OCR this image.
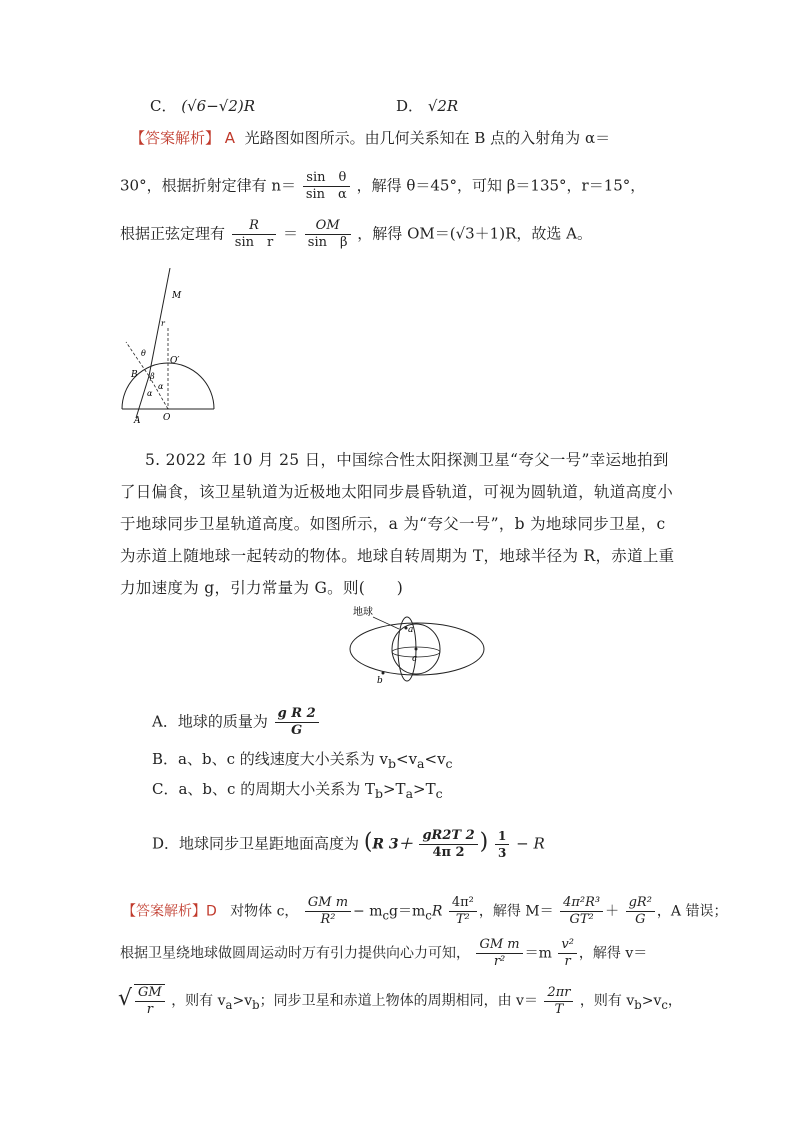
C． (√6−√2)R	D． √2R
【答案解析】 A 光路图如图所示。由几何关系知在 B 点的入射角为 α＝
30°，根据折射定律有 $n= \frac{\text{sin　θ}}{\text{sin　α}}$ ，解得 θ＝45°，可知 β＝135°，r＝15°，
根据正弦定理有 $\frac{R}{\text{sin　r}} = \frac{OM}{\text{sin　β}}$ ，解得 OM＝(√3＋1)R，故选 A。
M
r
O′
θ
B β
α
α
A	O
5. 2022 年 10 月 25 日，中国综合性太阳探测卫星“夸父一号”幸运地拍到
了日偏食，该卫星轨道为近极地太阳同步晨昏轨道，可视为圆轨道，轨道高度小
于地球同步卫星轨道高度。如图所示，a 为“夸父一号”，b 为地球同步卫星，c
为赤道上随地球一起转动的物体。地球自转周期为 T，地球半径为 R，赤道上重
力加速度为 g，引力常量为 G。则(　　)
地球
a
c
b
A．地球的质量为 $\frac{\text{g R 2}}{G}$
B．a、b、c 的线速度大小关系为 $v_b<v_a<v_c$
C．a、b、c 的周期大小关系为 $T_b>T_a>T_c$
D．地球同步卫星距地面高度为 (R $3+ \frac{gR2T 2}{4\pi 2}$ ) $\frac{1}{3} - R$
【答案解析】D 对物体 c， $\frac{\text{GM m}}{\text{R²}} - m_cg=m_cR \frac{\text{4π²}}{\text{T²}}$ ，解得 $M= \frac{\text{4π²R³}}{\text{GT²}} + \frac{\text{gR²}}{G}$ ，A 错误；
根据卫星绕地球做圆周运动时万有引力提供向心力可知， $\frac{\text{GM m}}{\text{r²}} =m \frac{\text{v²}}{r}$ ，解得 v＝
√ $\frac{GM}{r}$ ，则有 $v_a>v_b$；同步卫星和赤道上物体的周期相同，由 $v= \frac{2\pi r}{T}$ ，则有 $v_b>v_c$，
